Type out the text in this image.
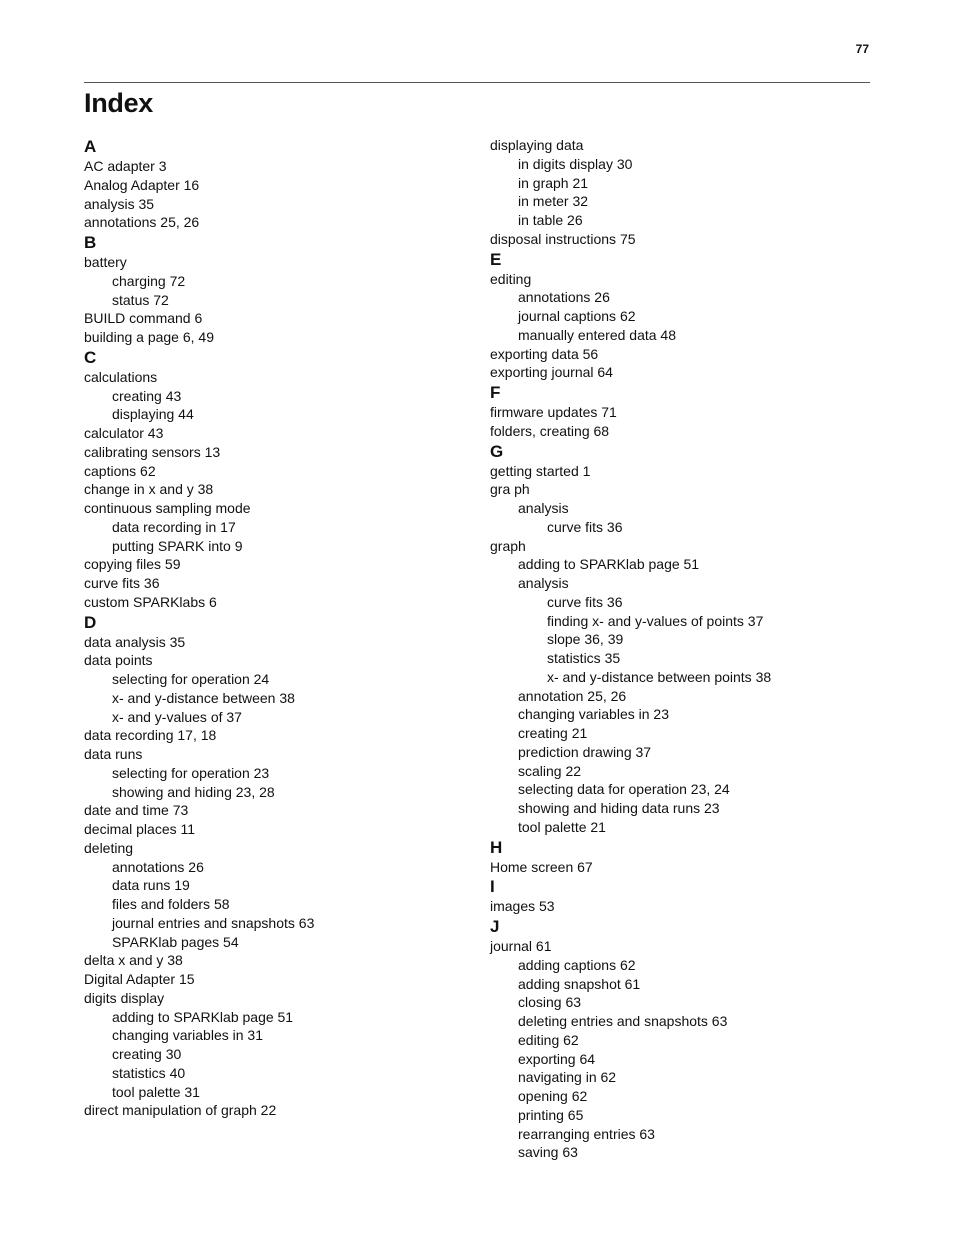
77
Index
A
AC adapter 3
Analog Adapter 16
analysis 35
annotations 25, 26
B
battery
charging 72
status 72
BUILD command 6
building a page 6, 49
C
calculations
creating 43
displaying 44
calculator 43
calibrating sensors 13
captions 62
change in x and y 38
continuous sampling mode
data recording in 17
putting SPARK into 9
copying files 59
curve fits 36
custom SPARKlabs 6
D
data analysis 35
data points
selecting for operation 24
x- and y-distance between 38
x- and y-values of 37
data recording 17, 18
data runs
selecting for operation 23
showing and hiding 23, 28
date and time 73
decimal places 11
deleting
annotations 26
data runs 19
files and folders 58
journal entries and snapshots 63
SPARKlab pages 54
delta x and y 38
Digital Adapter 15
digits display
adding to SPARKlab page 51
changing variables in 31
creating 30
statistics 40
tool palette 31
direct manipulation of graph 22
displaying data
in digits display 30
in graph 21
in meter 32
in table 26
disposal instructions 75
E
editing
annotations 26
journal captions 62
manually entered data 48
exporting data 56
exporting journal 64
F
firmware updates 71
folders, creating 68
G
getting started 1
gra ph
analysis
curve fits 36
graph
adding to SPARKlab page 51
analysis
curve fits 36
finding x- and y-values of points 37
slope 36, 39
statistics 35
x- and y-distance between points 38
annotation 25, 26
changing variables in 23
creating 21
prediction drawing 37
scaling 22
selecting data for operation 23, 24
showing and hiding data runs 23
tool palette 21
H
Home screen 67
I
images 53
J
journal 61
adding captions 62
adding snapshot 61
closing 63
deleting entries and snapshots 63
editing 62
exporting 64
navigating in 62
opening 62
printing 65
rearranging entries 63
saving 63
